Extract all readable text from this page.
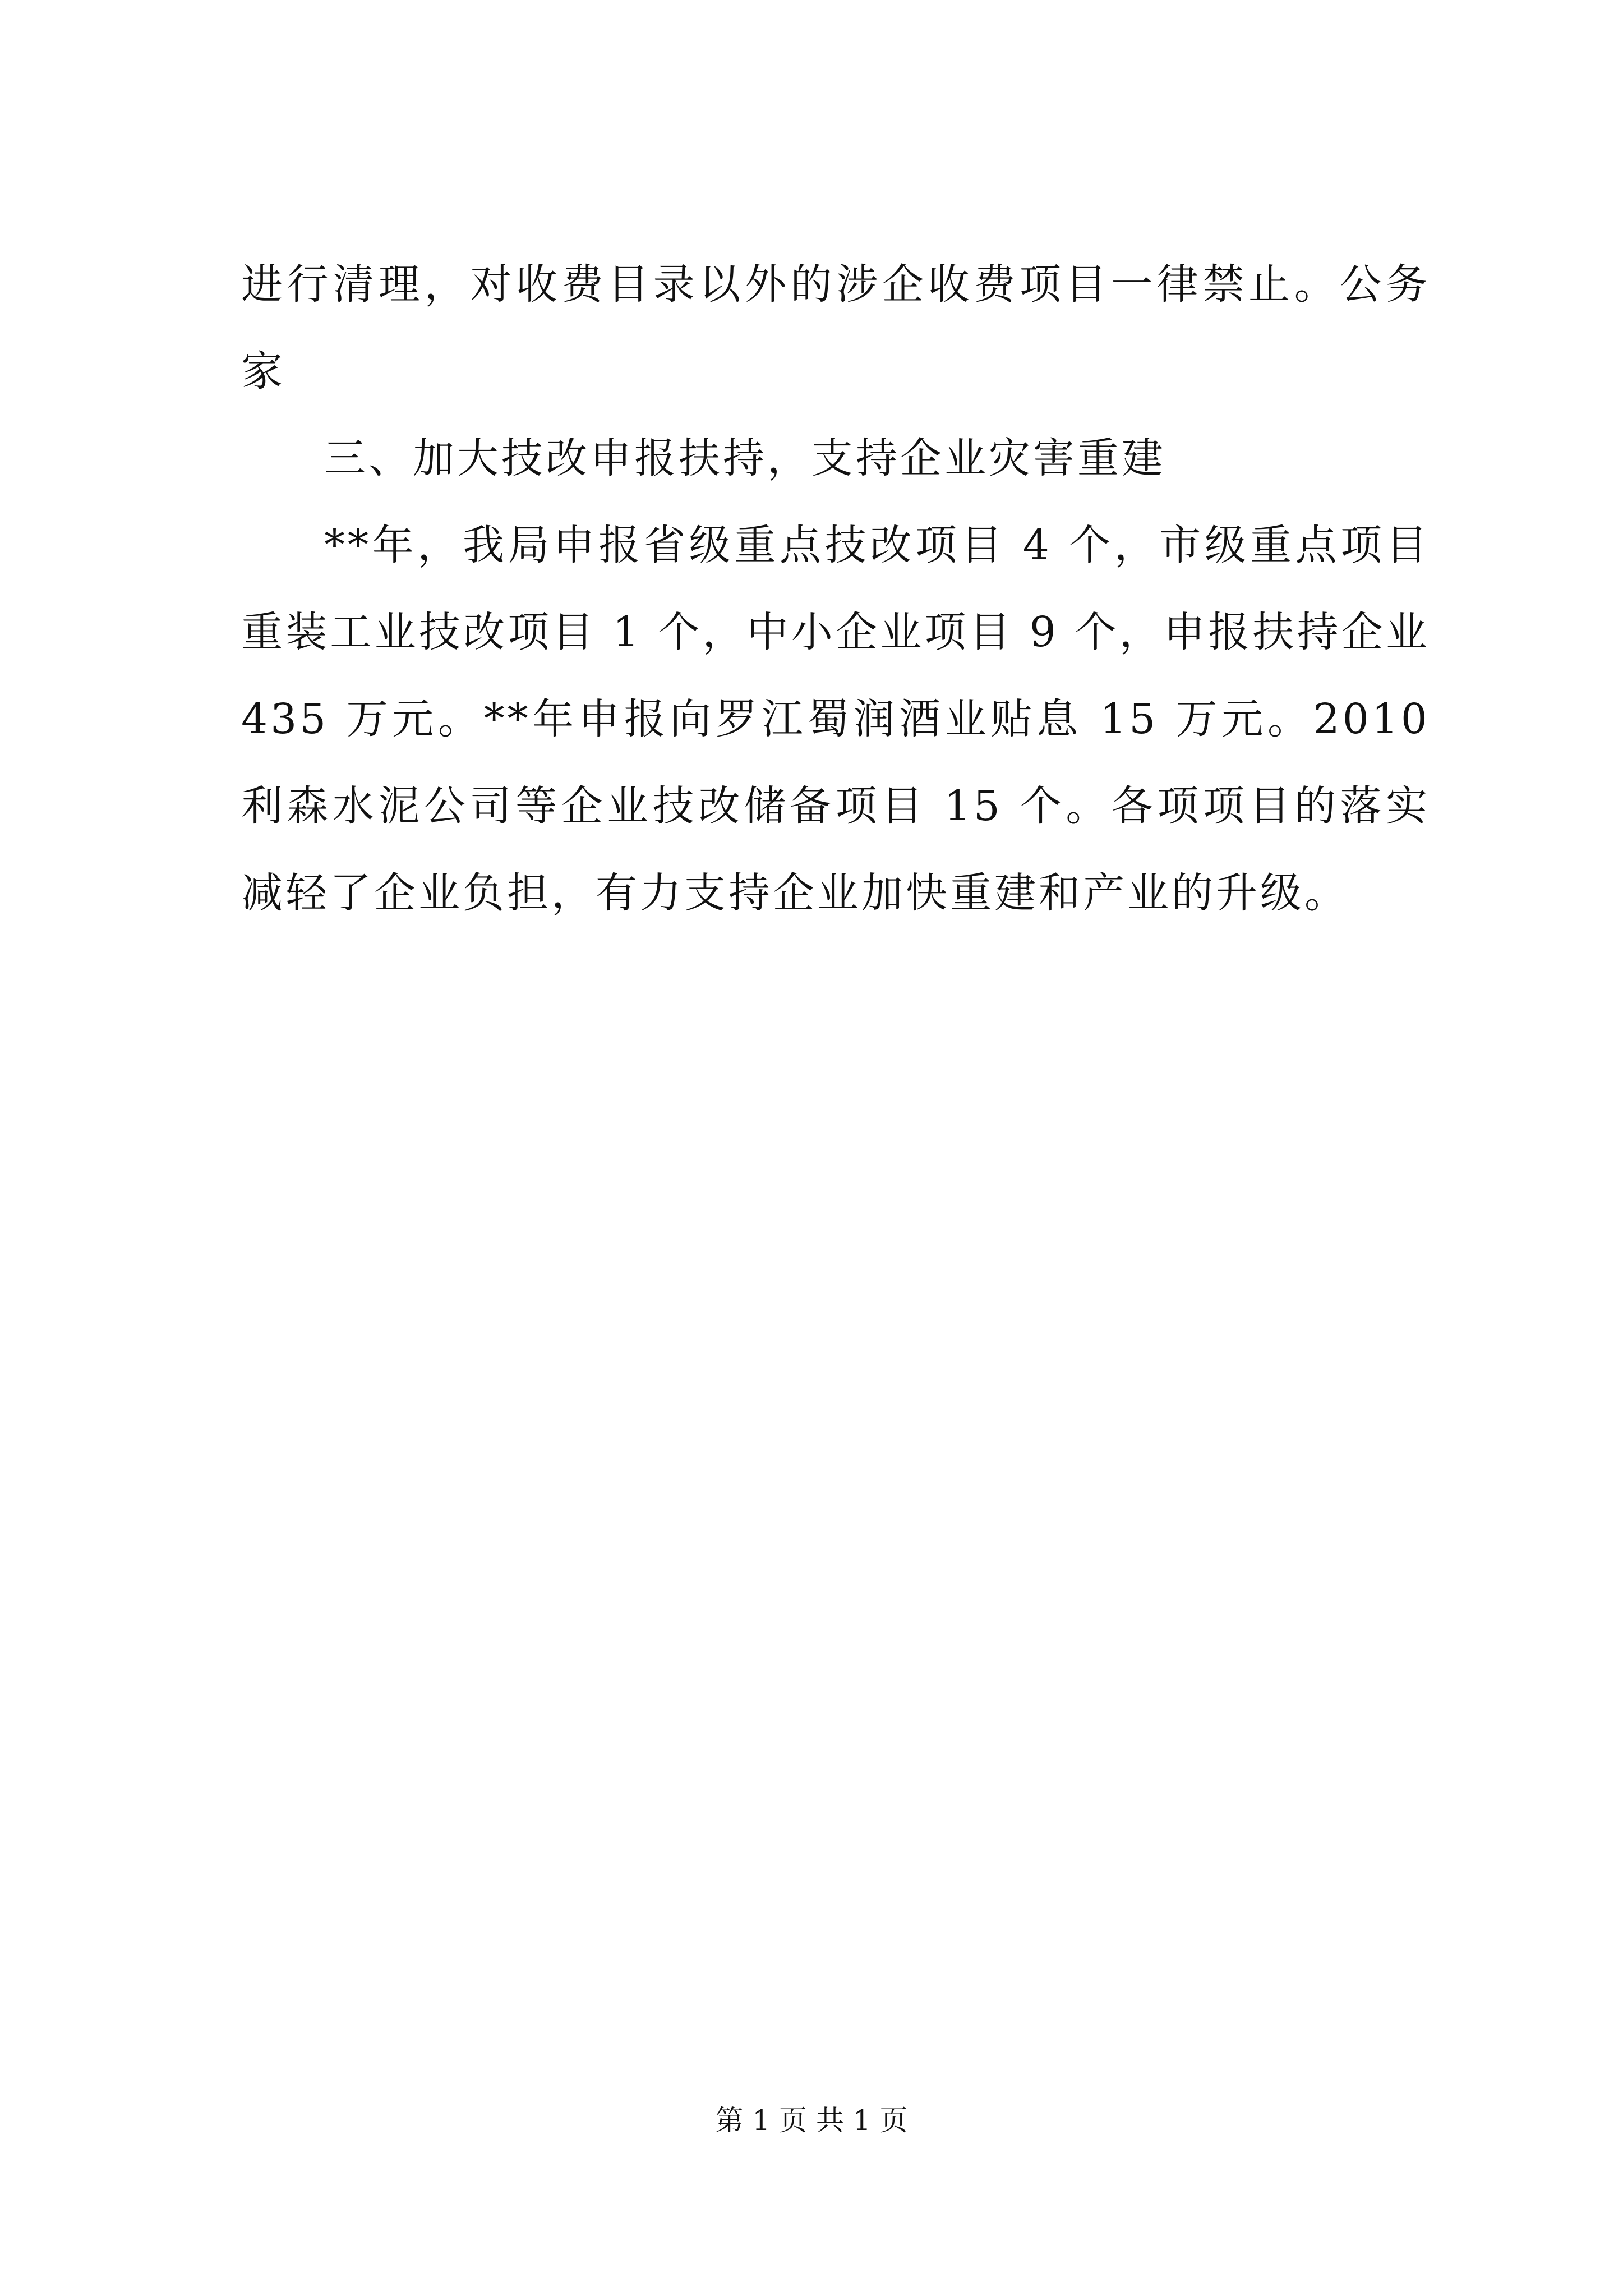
进行清理，对收费目录以外的涉企收费项目一律禁止。公务
家
三、加大技改申报扶持，支持企业灾害重建
**年，我局申报省级重点技改项目 4 个，市级重点项目
重装工业技改项目 1 个，中小企业项目 9 个，申报扶持企业
435 万元。**年申报向罗江蜀润酒业贴息 15 万元。2010
利森水泥公司等企业技改储备项目 15 个。各项项目的落实
减轻了企业负担，有力支持企业加快重建和产业的升级。
第 1 页 共 1 页
